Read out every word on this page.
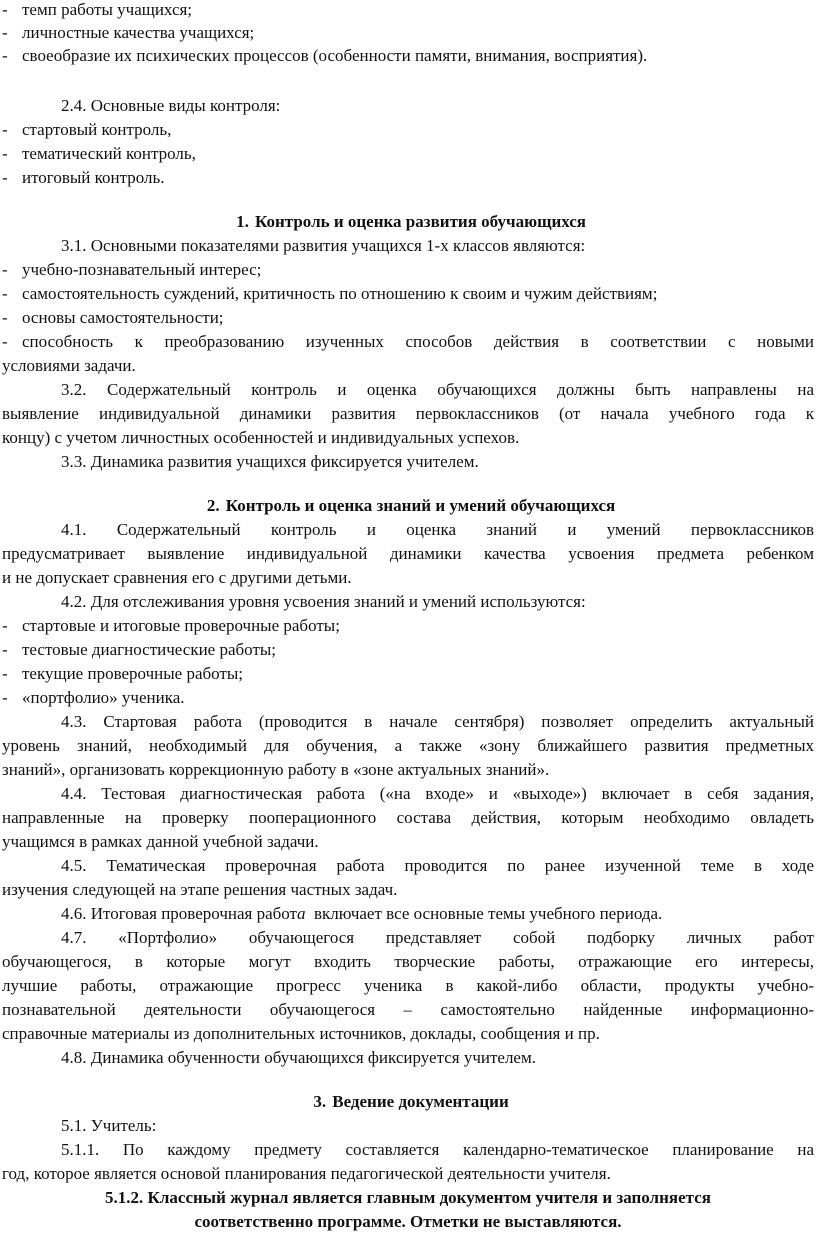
- темп работы учащихся;
- личностные качества учащихся;
- своеобразие их психических процессов (особенности памяти, внимания, восприятия).
2.4. Основные виды контроля:
- стартовый контроль,
- тематический контроль,
- итоговый контроль.
1. Контроль и оценка развития обучающихся
3.1. Основными показателями развития учащихся 1-х классов являются:
- учебно-познавательный интерес;
- самостоятельность суждений, критичность по отношению к своим и чужим действиям;
- основы самостоятельности;
- способность к преобразованию изученных способов действия в соответствии с новыми
условиями задачи.
3.2. Содержательный контроль и оценка обучающихся должны быть направлены на
выявление индивидуальной динамики развития первоклассников (от начала учебного года к
концу) с учетом личностных особенностей и индивидуальных успехов.
3.3. Динамика развития учащихся фиксируется учителем.
2. Контроль и оценка знаний и умений обучающихся
4.1. Содержательный контроль и оценка знаний и умений первоклассников
предусматривает выявление индивидуальной динамики качества усвоения предмета ребенком
и не допускает сравнения его с другими детьми.
4.2. Для отслеживания уровня усвоения знаний и умений используются:
- стартовые и итоговые проверочные работы;
- тестовые диагностические работы;
- текущие проверочные работы;
- «портфолио» ученика.
4.3. Стартовая работа (проводится в начале сентября) позволяет определить актуальный
уровень знаний, необходимый для обучения, а также «зону ближайшего развития предметных
знаний», организовать коррекционную работу в «зоне актуальных знаний».
4.4. Тестовая диагностическая работа («на входе» и «выходе») включает в себя задания,
направленные на проверку пооперационного состава действия, которым необходимо овладеть
учащимся в рамках данной учебной задачи.
4.5. Тематическая проверочная работа проводится по ранее изученной теме в ходе
изучения следующей на этапе решения частных задач.
4.6. Итоговая проверочная работа  включает все основные темы учебного периода.
4.7. «Портфолио» обучающегося представляет собой подборку личных работ
обучающегося, в которые могут входить творческие работы, отражающие его интересы,
лучшие работы, отражающие прогресс ученика в какой-либо области, продукты учебно-
познавательной деятельности обучающегося – самостоятельно найденные информационно-
справочные материалы из дополнительных источников, доклады, сообщения и пр.
4.8. Динамика обученности обучающихся фиксируется учителем.
3. Ведение документации
5.1. Учитель:
5.1.1. По каждому предмету составляется календарно-тематическое планирование на
год, которое является основой планирования педагогической деятельности учителя.
5.1.2. Классный журнал является главным документом учителя и заполняется
соответственно программе. Отметки не выставляются.
